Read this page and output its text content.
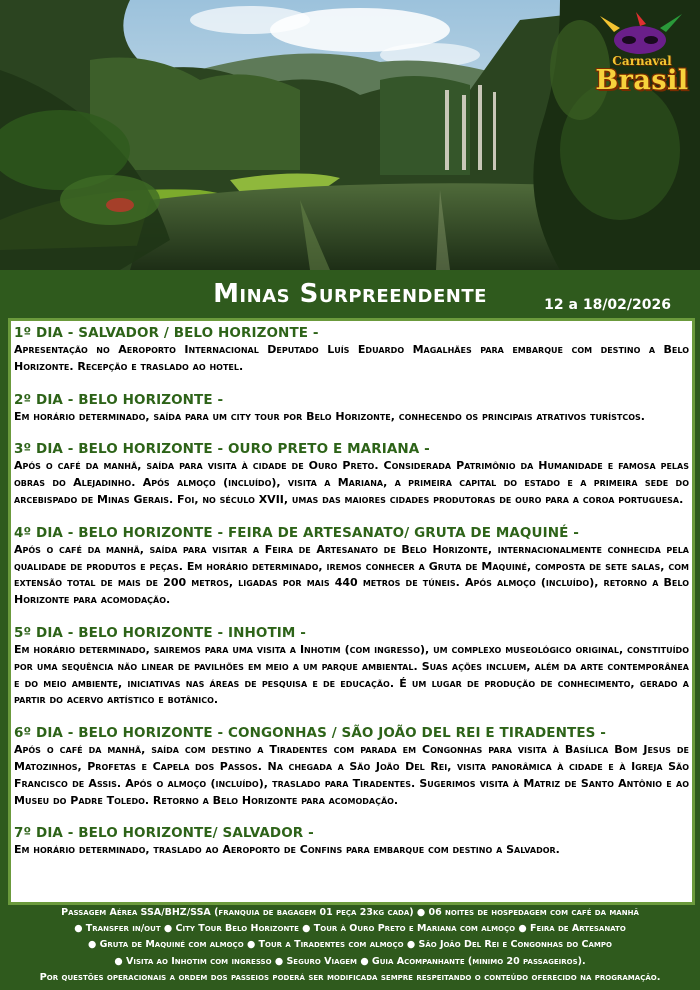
Carnaval
Brasil
Minas Surpreendente	12 a 18/02/2026
1º DIA - SALVADOR / BELO HORIZONTE -
Apresentação no Aeroporto Internacional Deputado Luís Eduardo Magalhães para embarque com destino a Belo Horizonte. Recepção e traslado ao hotel.
2º DIA - BELO HORIZONTE -
Em horário determinado, saída para um city tour por Belo Horizonte, conhecendo os principais atrativos turístcos.
3º DIA - BELO HORIZONTE - OURO PRETO E MARIANA -
Após o café da manhã, saída para visita à cidade de Ouro Preto. Considerada Patrimônio da Humanidade e famosa pelas obras do Alejadinho. Após almoço (incluído), visita a Mariana, a primeira capital do estado e a primeira sede do arcebispado de Minas Gerais. Foi, no século XVII, umas das maiores cidades produtoras de ouro para a coroa portuguesa.
4º DIA - BELO HORIZONTE - FEIRA DE ARTESANATO/ GRUTA DE MAQUINÉ -
Após o café da manhã, saída para visitar a Feira de Artesanato de Belo Horizonte, internacionalmente conhecida pela qualidade de produtos e peças. Em horário determinado, iremos conhecer a Gruta de Maquiné, composta de sete salas, com extensão total de mais de 200 metros, ligadas por mais 440 metros de túneis. Após almoço (incluído), retorno a Belo Horizonte para acomodação.
5º DIA - BELO HORIZONTE - INHOTIM -
Em horário determinado, sairemos para uma visita a Inhotim (com ingresso), um complexo museológico original, constituído por uma sequência não linear de pavilhões em meio a um parque ambiental. Suas ações incluem, além da arte contemporânea e do meio ambiente, iniciativas nas áreas de pesquisa e de educação. É um lugar de produção de conhecimento, gerado a partir do acervo artístico e botânico.
6º DIA - BELO HORIZONTE - CONGONHAS / SÃO JOÃO DEL REI E TIRADENTES -
Após o café da manhã, saída com destino a Tiradentes com parada em Congonhas para visita à Basílica Bom Jesus de Matozinhos, Profetas e Capela dos Passos. Na chegada a São João Del Rei, visita panorâmica à cidade e à Igreja São Francisco de Assis. Após o almoço (incluído), traslado para Tiradentes. Sugerimos visita à Matriz de Santo Antônio e ao Museu do Padre Toledo. Retorno a Belo Horizonte para acomodação.
7º DIA - BELO HORIZONTE/ SALVADOR -
Em horário determinado, traslado ao Aeroporto de Confins para embarque com destino a Salvador.
Passagem Aérea SSA/BHZ/SSA (franquia de bagagem 01 peça 23kg cada) ● 06 noites de hospedagem com café da manhã
● Transfer in/out ● City Tour Belo Horizonte ● Tour à Ouro Preto e Mariana com almoço ● Feira de Artesanato
● Gruta de Maquiné com almoço ● Tour a Tiradentes com almoço ● São João Del Rei e Congonhas do Campo
● Visita ao Inhotim com ingresso ● Seguro Viagem ● Guia Acompanhante (minimo 20 passageiros).
Por questões operacionais a ordem dos passeios poderá ser modificada sempre respeitando o conteúdo oferecido na programação.
